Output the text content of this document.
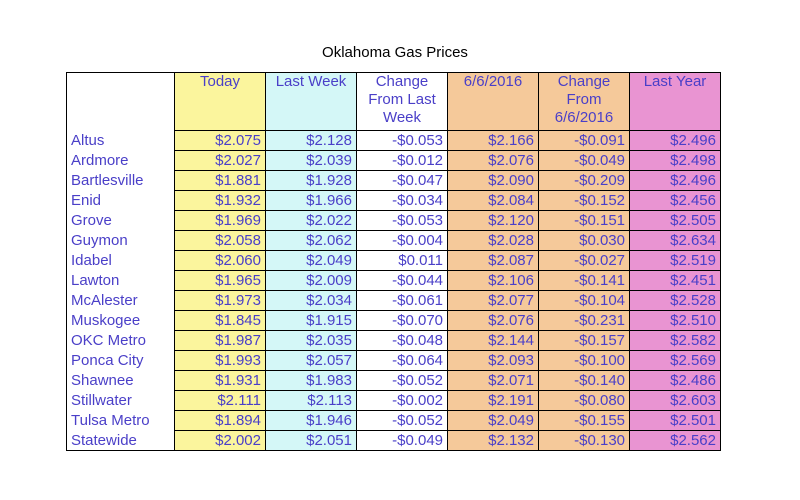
Oklahoma Gas Prices
	Today	Last Week	Change From Last Week	6/6/2016	Change From 6/6/2016	Last Year
Altus	$2.075	$2.128	-$0.053	$2.166	-$0.091	$2.496
Ardmore	$2.027	$2.039	-$0.012	$2.076	-$0.049	$2.498
Bartlesville	$1.881	$1.928	-$0.047	$2.090	-$0.209	$2.496
Enid	$1.932	$1.966	-$0.034	$2.084	-$0.152	$2.456
Grove	$1.969	$2.022	-$0.053	$2.120	-$0.151	$2.505
Guymon	$2.058	$2.062	-$0.004	$2.028	$0.030	$2.634
Idabel	$2.060	$2.049	$0.011	$2.087	-$0.027	$2.519
Lawton	$1.965	$2.009	-$0.044	$2.106	-$0.141	$2.451
McAlester	$1.973	$2.034	-$0.061	$2.077	-$0.104	$2.528
Muskogee	$1.845	$1.915	-$0.070	$2.076	-$0.231	$2.510
OKC Metro	$1.987	$2.035	-$0.048	$2.144	-$0.157	$2.582
Ponca City	$1.993	$2.057	-$0.064	$2.093	-$0.100	$2.569
Shawnee	$1.931	$1.983	-$0.052	$2.071	-$0.140	$2.486
Stillwater	$2.111	$2.113	-$0.002	$2.191	-$0.080	$2.603
Tulsa Metro	$1.894	$1.946	-$0.052	$2.049	-$0.155	$2.501
Statewide	$2.002	$2.051	-$0.049	$2.132	-$0.130	$2.562
